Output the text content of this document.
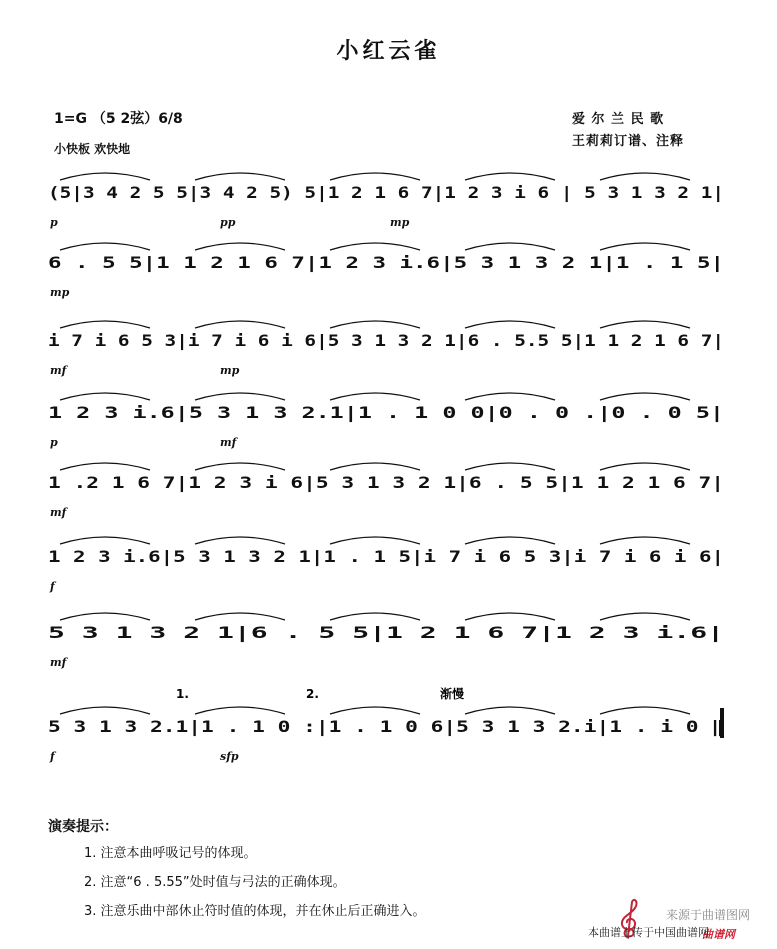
小红云雀
1=G （5 2弦）6/8
小快板 欢快地
爱 尔 兰 民 歌
王莉莉订谱、注释
(5|3 4 2 5 5|3 4 2 5) 5|1 2 1 6 7|1 2 3 i 6 | 5 3 1 3 2 1|
p	pp	mp
6 . 5 5|1 1 2 1 6 7|1 2 3 i.6|5 3 1 3 2 1|1 . 1 5|
mp
i 7 i 6 5 3|i 7 i 6 i 6|5 3 1 3 2 1|6 . 5.5 5|1 1 2 1 6 7|
mf	mp
1 2 3 i.6|5 3 1 3 2.1|1 . 1 0 0|0 . 0 .|0 . 0 5|
p	mf
1 .2 1 6 7|1 2 3 i 6|5 3 1 3 2 1|6 . 5 5|1 1 2 1 6 7|
mf
1 2 3 i.6|5 3 1 3 2 1|1 . 1 5|i 7 i 6 5 3|i 7 i 6 i 6|
f
5 3 1 3 2 1|6 . 5 5|1 2 1 6 7|1 2 3 i.6|
mf
5 3 1 3 2.1|1 . 1 0 :|1 . 1 0 6|5 3 1 3 2.i|1 . i 0 ‖
f	sfp
1.	2.	渐慢
演奏提示：
1. 注意本曲呼吸记号的体现。
2. 注意“6 . 5.55”处时值与弓法的正确体现。
3. 注意乐曲中部休止符时值的体现，并在休止后正确进入。	来源于曲谱图网
曲谱网
本曲谱上传于中国曲谱网
